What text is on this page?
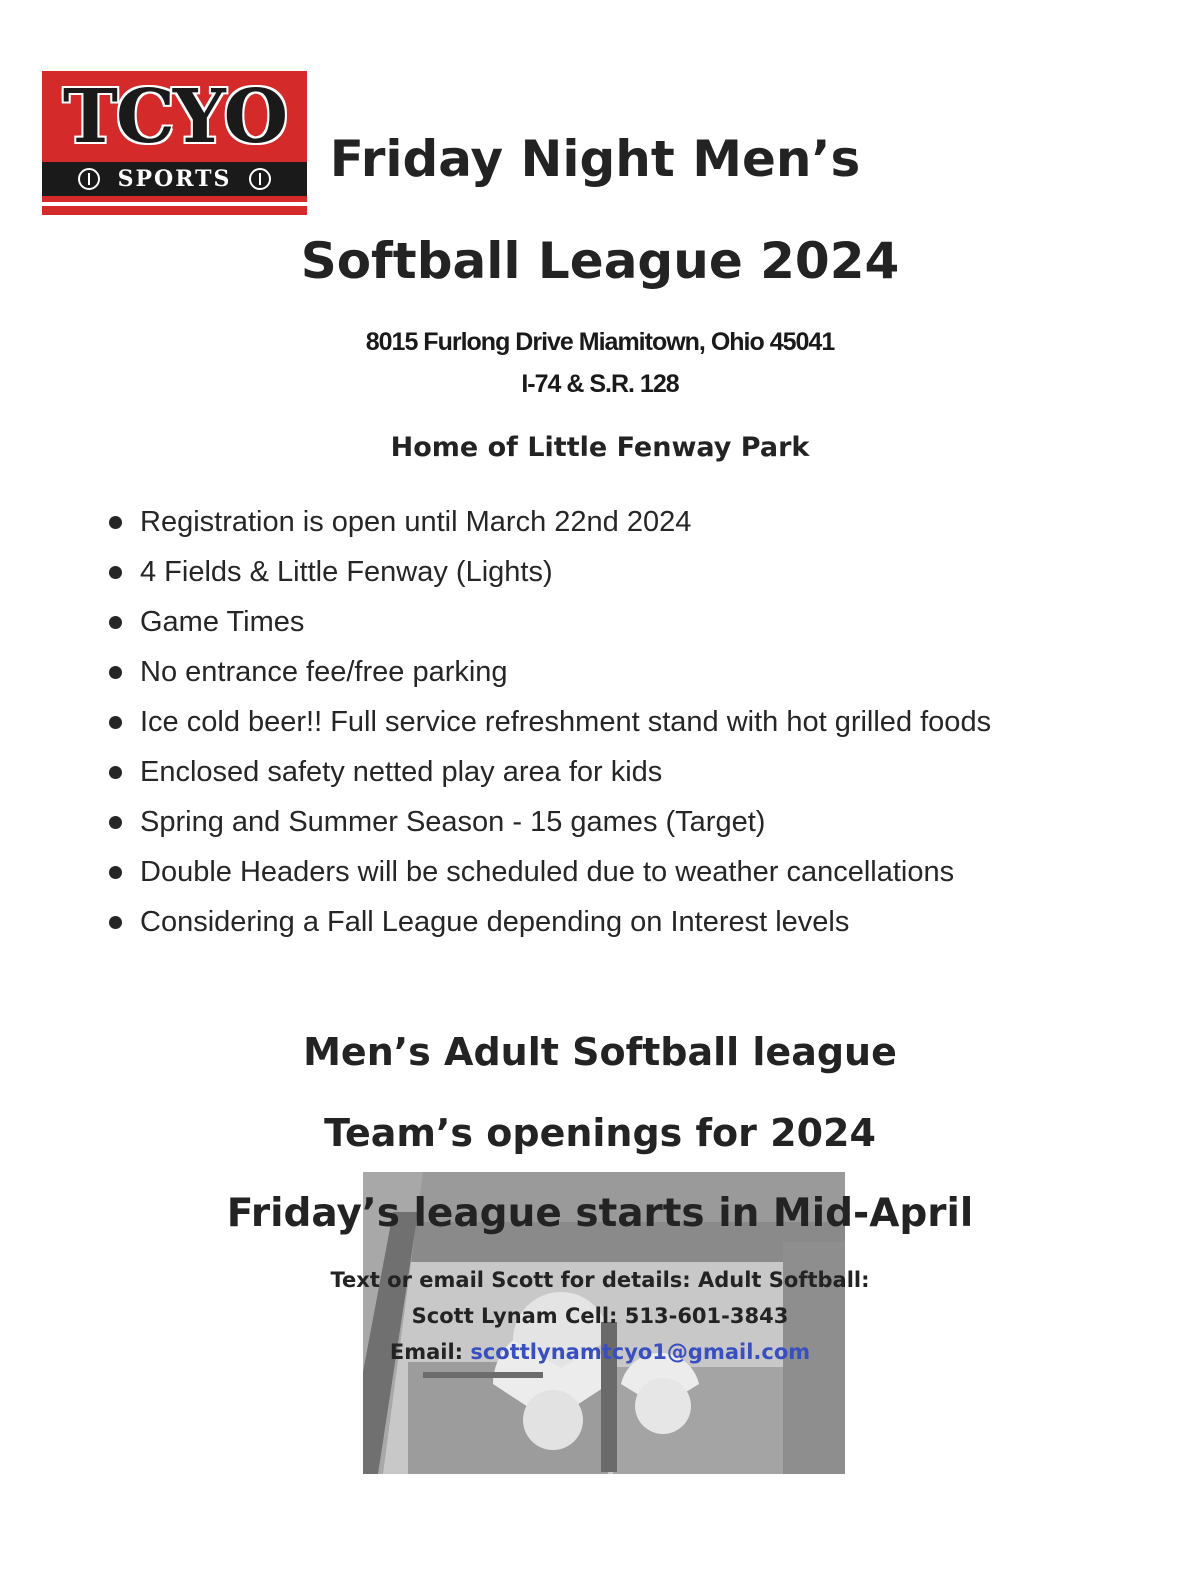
TCYO
SPORTS Friday Night Men’s
Softball League 2024
8015 Furlong Drive Miamitown, Ohio 45041
I-74 & S.R. 128
Home of Little Fenway Park
Registration is open until March 22nd 2024
4 Fields & Little Fenway (Lights)
Game Times
No entrance fee/free parking
Ice cold beer!! Full service refreshment stand with hot grilled foods
Enclosed safety netted play area for kids
Spring and Summer Season - 15 games (Target)
Double Headers will be scheduled due to weather cancellations
Considering a Fall League depending on Interest levels
Men’s Adult Softball league
Team’s openings for 2024
Friday’s league starts in Mid-April
Text or email Scott for details: Adult Softball:
Scott Lynam Cell: 513-601-3843
Email: scottlynamtcyo1@gmail.com
